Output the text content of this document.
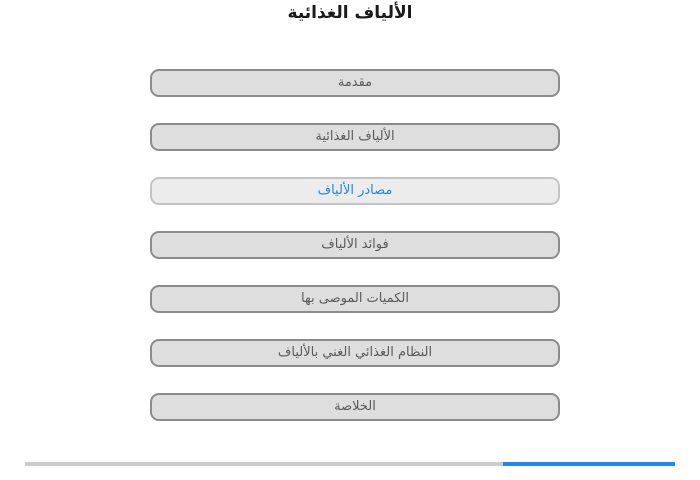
الألياف الغذائية
مقدمة
الألياف الغذائية
مصادر الألياف
فوائد الألياف
الكميات الموصى بها
النظام الغذائي الغني بالألياف
الخلاصة
